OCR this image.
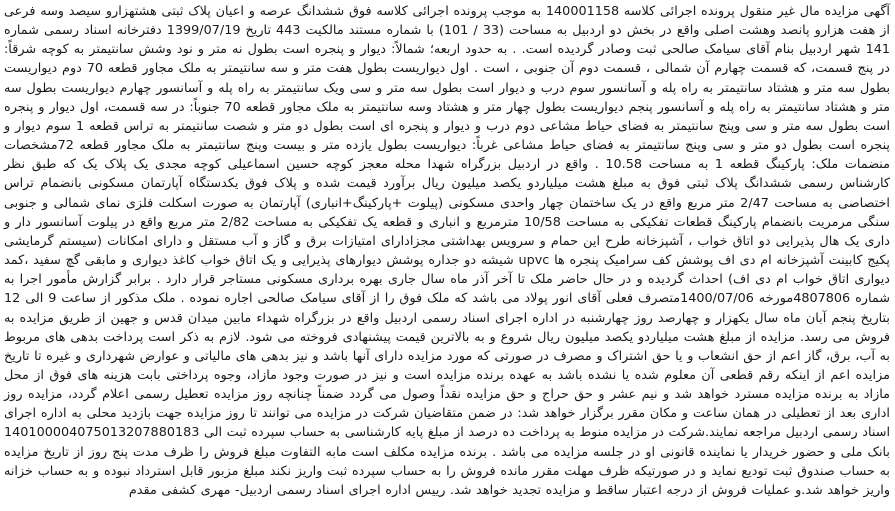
آگهی مزایده مال غیر منقول پرونده اجرائی کلاسه 140001158 به موجب پرونده اجرائی کلاسه فوق ششدانگ عرصه و اعیان پلاک ثبتی هشتهزارو سیصد وسه فرعی از هفت هزارو پانصد وهشت اصلی واقع در بخش دو اردبیل به مساحت (33 / 101) با شماره مستند مالکیت 443 تاریخ 1399/07/19 دفترخانه اسناد رسمی شماره 141 شهر اردبیل بنام آقای سیامک صالحی ثبت وصادر گردیده است. . به حدود اربعه؛ شمالاً: دیوار و پنجره است بطول نه متر و نود وشش سانتیمتر به کوچه شرقاً: در پنج قسمت، که قسمت چهارم آن شمالی ، قسمت دوم آن جنوبی ، است . اول دیواریست بطول هفت متر و سه سانتیمتر به ملک مجاور قطعه 70 دوم دیواریست بطول سه متر و هشتاد سانتیمتر به راه پله و آسانسور سوم درب و دیوار است بطول سه متر و سی ویک سانتیمتر به راه پله و آسانسور چهارم دیواریست بطول سه متر و هشتاد سانتیمتر به راه پله و آسانسور پنجم دیواریست بطول چهار متر و هشتاد وسه سانتیمتر به ملک مجاور قطعه 70 جنوباً: در سه قسمت، اول دیوار و پنجره است بطول سه متر و سی وپنج سانتیمتر به فضای حیاط مشاعی دوم درب و دیوار و پنجره ای است بطول دو متر و شصت سانتیمتر به تراس قطعه 1 سوم دیوار و پنجره است بطول دو متر و سی وپنج سانتیمتر به فضای حیاط مشاعی غرباً: دیواریست بطول یازده متر و بیست وپنج سانتیمتر به ملک مجاور قطعه 72مشخصات منضمات ملک: پارکینگ قطعه 1 به مساحت 10.58 . واقع در اردبیل بزرگراه شهدا محله معجز کوچه حسین اسماعیلی کوچه مجدی یک پلاک یک که طبق نظر کارشناس رسمی ششدانگ پلاک ثبتی فوق به مبلغ هشت میلیاردو یکصد میلیون ریال برآورد قیمت شده و پلاک فوق یکدستگاه آپارتمان مسکونی بانضمام تراس اختصاصی به مساحت 2/47 متر مربع واقع در یک ساختمان چهار واحدی مسکونی (پیلوت +پارکینگ+انباری) آپارتمان به صورت اسکلت فلزی نمای شمالی و جنوبی سنگی مرمریت بانضمام پارکینگ قطعات تفکیکی به مساحت 10/58 مترمربع و انباری و قطعه یک تفکیکی به مساحت 2/82 متر مربع واقع در پیلوت آسانسور دار و داری یک هال پذیرایی دو اتاق خواب ، آشپزخانه طرح این حمام و سرویس بهداشتی مجزادارای امتیازات برق و گاز و آب مستقل و دارای امکانات (سیستم گرمایشی پکیج کابینت آشپزخانه ام دی اف پوشش کف سرامیک پنجره ها upvc شیشه دو جداره پوشش دیوارهای پذیرایی و یک اتاق خواب کاغذ دیواری و مابقی گچ سفید ،کمد دیواری اتاق خواب ام دی اف) احداث گردیده و در حال حاضر ملک تا آخر آذر ماه سال جاری بهره برداری مسکونی مستاجر قرار دارد . برابر گزارش مأمور اجرا به شماره 4807806مورخه 1400/07/06متصرف فعلی آقای انور پولاد می باشد که ملک فوق را از آقای سیامک صالحی اجاره نموده . ملک مذکور از ساعت 9 الی 12 بتاریخ پنجم آبان ماه سال یکهزار و چهارصد روز چهارشنبه در اداره اجرای اسناد رسمی اردبیل واقع در بزرگراه شهداء مابین میدان قدس و جهین از طریق مزایده به فروش می رسد. مزایده از مبلغ هشت میلیاردو یکصد میلیون ریال شروع و به بالاترین قیمت پیشنهادی فروخته می شود. لازم به ذکر است پرداخت بدهی های مربوط به آب، برق، گاز اعم از حق انشعاب و یا حق اشتراک و مصرف در صورتی که مورد مزایده دارای آنها باشد و نیز بدهی های مالیاتی و عوارض شهرداری و غیره تا تاریخ مزایده اعم از اینکه رقم قطعی آن معلوم شده یا نشده باشد به عهده برنده مزایده است و نیز در صورت وجود مازاد، وجوه پرداختی بابت هزینه های فوق از محل مازاد به برنده مزایده مسترد خواهد شد و نیم عشر و حق حراج و حق مزایده نقداً وصول می گردد ضمناً چنانچه روز مزایده تعطیل رسمی اعلام گردد، مزایده روز اداری بعد از تعطیلی در همان ساعت و مکان مقرر برگزار خواهد شد: در ضمن متقاضیان شرکت در مزایده می توانند تا روز مزایده جهت بازدید محلی به اداره اجرای اسناد رسمی اردبیل مراجعه نمایند.شرکت در مزایده منوط به پرداخت ده درصد از مبلغ پایه کارشناسی به حساب سپرده ثبت الی 140100004075013207880183 بانک ملی و حضور خریدار یا نماینده قانونی او در جلسه مزایده می باشد . برنده مزایده مکلف است مابه التفاوت مبلغ فروش را ظرف مدت پنج روز از تاریخ مزایده به حساب صندوق ثبت تودیع نماید و در صورتیکه ظرف مهلت مقرر مانده فروش را به حساب سپرده ثبت واریز نکند مبلغ مزبور قابل استرداد نبوده و به حساب خزانه واریز خواهد شد.و عملیات فروش از درجه اعتبار ساقط و مزایده تجدید خواهد شد. رییس اداره اجرای اسناد رسمی اردبیل- مهری کشفی مقدم
